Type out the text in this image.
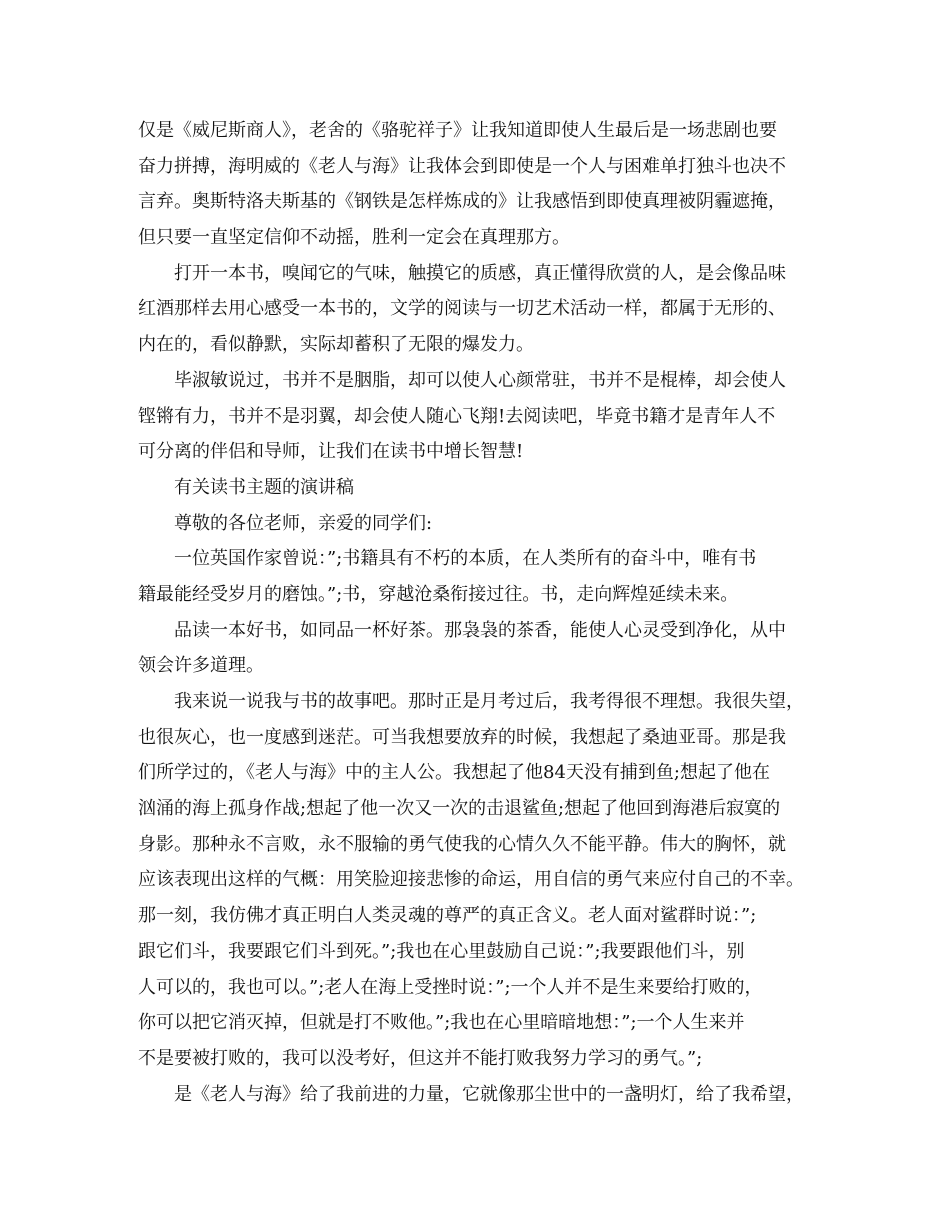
仅是《威尼斯商人》，老舍的《骆驼祥子》让我知道即使人生最后是一场悲剧也要
奋力拼搏，海明威的《老人与海》让我体会到即使是一个人与困难单打独斗也决不
言弃。奥斯特洛夫斯基的《钢铁是怎样炼成的》让我感悟到即使真理被阴霾遮掩，
但只要一直坚定信仰不动摇，胜利一定会在真理那方。
打开一本书，嗅闻它的气味，触摸它的质感，真正懂得欣赏的人，是会像品味
红酒那样去用心感受一本书的，文学的阅读与一切艺术活动一样，都属于无形的、
内在的，看似静默，实际却蓄积了无限的爆发力。
毕淑敏说过，书并不是胭脂，却可以使人心颜常驻，书并不是棍棒，却会使人
铿锵有力，书并不是羽翼，却会使人随心飞翔!去阅读吧，毕竟书籍才是青年人不
可分离的伴侣和导师，让我们在读书中增长智慧!
有关读书主题的演讲稿
尊敬的各位老师，亲爱的同学们:
一位英国作家曾说：”;书籍具有不朽的本质，在人类所有的奋斗中，唯有书
籍最能经受岁月的磨蚀。”;书，穿越沧桑衔接过往。书，走向辉煌延续未来。
品读一本好书，如同品一杯好茶。那袅袅的茶香，能使人心灵受到净化，从中
领会许多道理。
我来说一说我与书的故事吧。那时正是月考过后，我考得很不理想。我很失望，
也很灰心，也一度感到迷茫。可当我想要放弃的时候，我想起了桑迪亚哥。那是我
们所学过的，《老人与海》中的主人公。我想起了他84天没有捕到鱼;想起了他在
汹涌的海上孤身作战;想起了他一次又一次的击退鲨鱼;想起了他回到海港后寂寞的
身影。那种永不言败，永不服输的勇气使我的心情久久不能平静。伟大的胸怀，就
应该表现出这样的气概：用笑脸迎接悲惨的命运，用自信的勇气来应付自己的不幸。
那一刻，我仿佛才真正明白人类灵魂的尊严的真正含义。老人面对鲨群时说：”;
跟它们斗，我要跟它们斗到死。”;我也在心里鼓励自己说：”;我要跟他们斗，别
人可以的，我也可以。”;老人在海上受挫时说：”;一个人并不是生来要给打败的，
你可以把它消灭掉，但就是打不败他。”;我也在心里暗暗地想：”;一个人生来并
不是要被打败的，我可以没考好，但这并不能打败我努力学习的勇气。”;
是《老人与海》给了我前进的力量，它就像那尘世中的一盏明灯，给了我希望，
